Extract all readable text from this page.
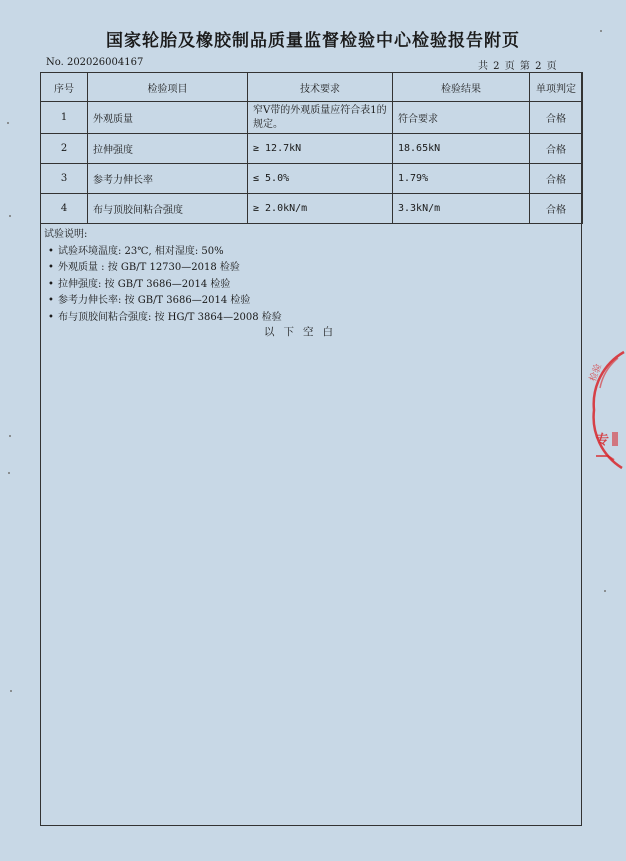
国家轮胎及橡胶制品质量监督检验中心检验报告附页
No. 202026004167	共 2 页 第 2 页
序号	检验项目	技术要求	检验结果	单项判定
1	外观质量	窄V带的外观质量应符合表1的规定。	符合要求	合格
2	拉伸强度	≥ 12.7kN	18.65kN	合格
3	参考力伸长率	≤ 5.0%	1.79%	合格
4	布与顶胶间粘合强度	≥ 2.0kN/m	3.3kN/m	合格
试验说明:
• 试验环境温度: 23℃, 相对湿度: 50%
• 外观质量 : 按 GB/T 12730—2018 检验
• 拉伸强度: 按 GB/T 3686—2014 检验
• 参考力伸长率: 按 GB/T 3686—2014 检验
• 布与顶胶间粘合强度: 按 HG/T 3864—2008 检验
以下空白
检验
专
